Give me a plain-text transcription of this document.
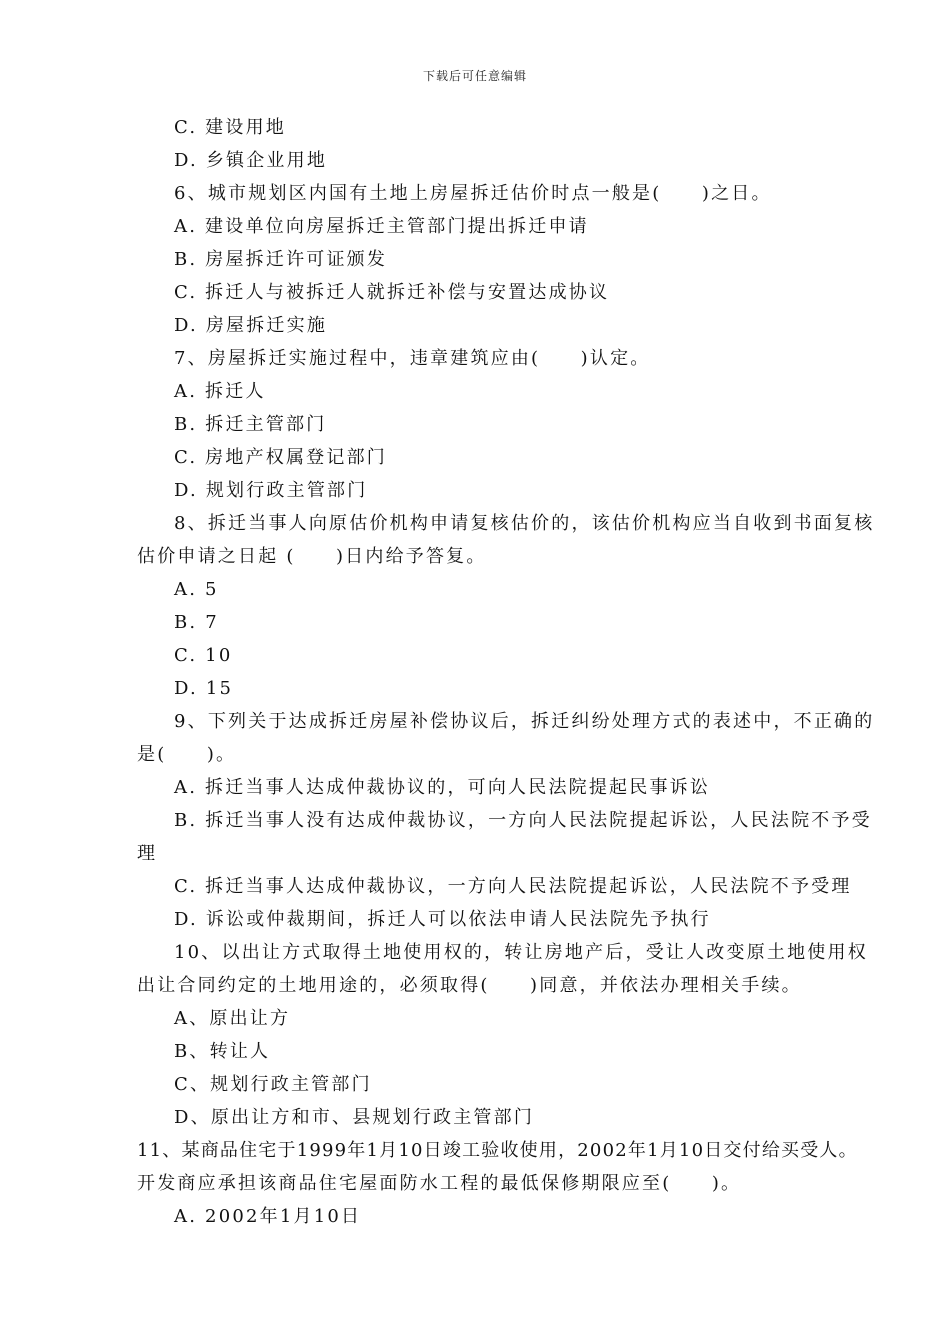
下载后可任意编辑
C. 建设用地
D. 乡镇企业用地
6、城市规划区内国有土地上房屋拆迁估价时点一般是(　　)之日。
A. 建设单位向房屋拆迁主管部门提出拆迁申请
B. 房屋拆迁许可证颁发
C. 拆迁人与被拆迁人就拆迁补偿与安置达成协议
D. 房屋拆迁实施
7、房屋拆迁实施过程中，违章建筑应由(　　)认定。
A. 拆迁人
B. 拆迁主管部门
C. 房地产权属登记部门
D. 规划行政主管部门
8、拆迁当事人向原估价机构申请复核估价的，该估价机构应当自收到书面复核
估价申请之日起 (　　)日内给予答复。
A. 5
B. 7
C. 10
D. 15
9、下列关于达成拆迁房屋补偿协议后，拆迁纠纷处理方式的表述中，不正确的
是(　　)。
A. 拆迁当事人达成仲裁协议的，可向人民法院提起民事诉讼
B. 拆迁当事人没有达成仲裁协议，一方向人民法院提起诉讼，人民法院不予受
理
C. 拆迁当事人达成仲裁协议，一方向人民法院提起诉讼，人民法院不予受理
D. 诉讼或仲裁期间，拆迁人可以依法申请人民法院先予执行
10、以出让方式取得土地使用权的，转让房地产后，受让人改变原土地使用权
出让合同约定的土地用途的，必须取得(　　)同意，并依法办理相关手续。
A、原出让方
B、转让人
C、规划行政主管部门
D、原出让方和市、县规划行政主管部门
11、某商品住宅于1999年1月10日竣工验收使用，2002年1月10日交付给买受人。
开发商应承担该商品住宅屋面防水工程的最低保修期限应至(　　)。
A. 2002年1月10日
